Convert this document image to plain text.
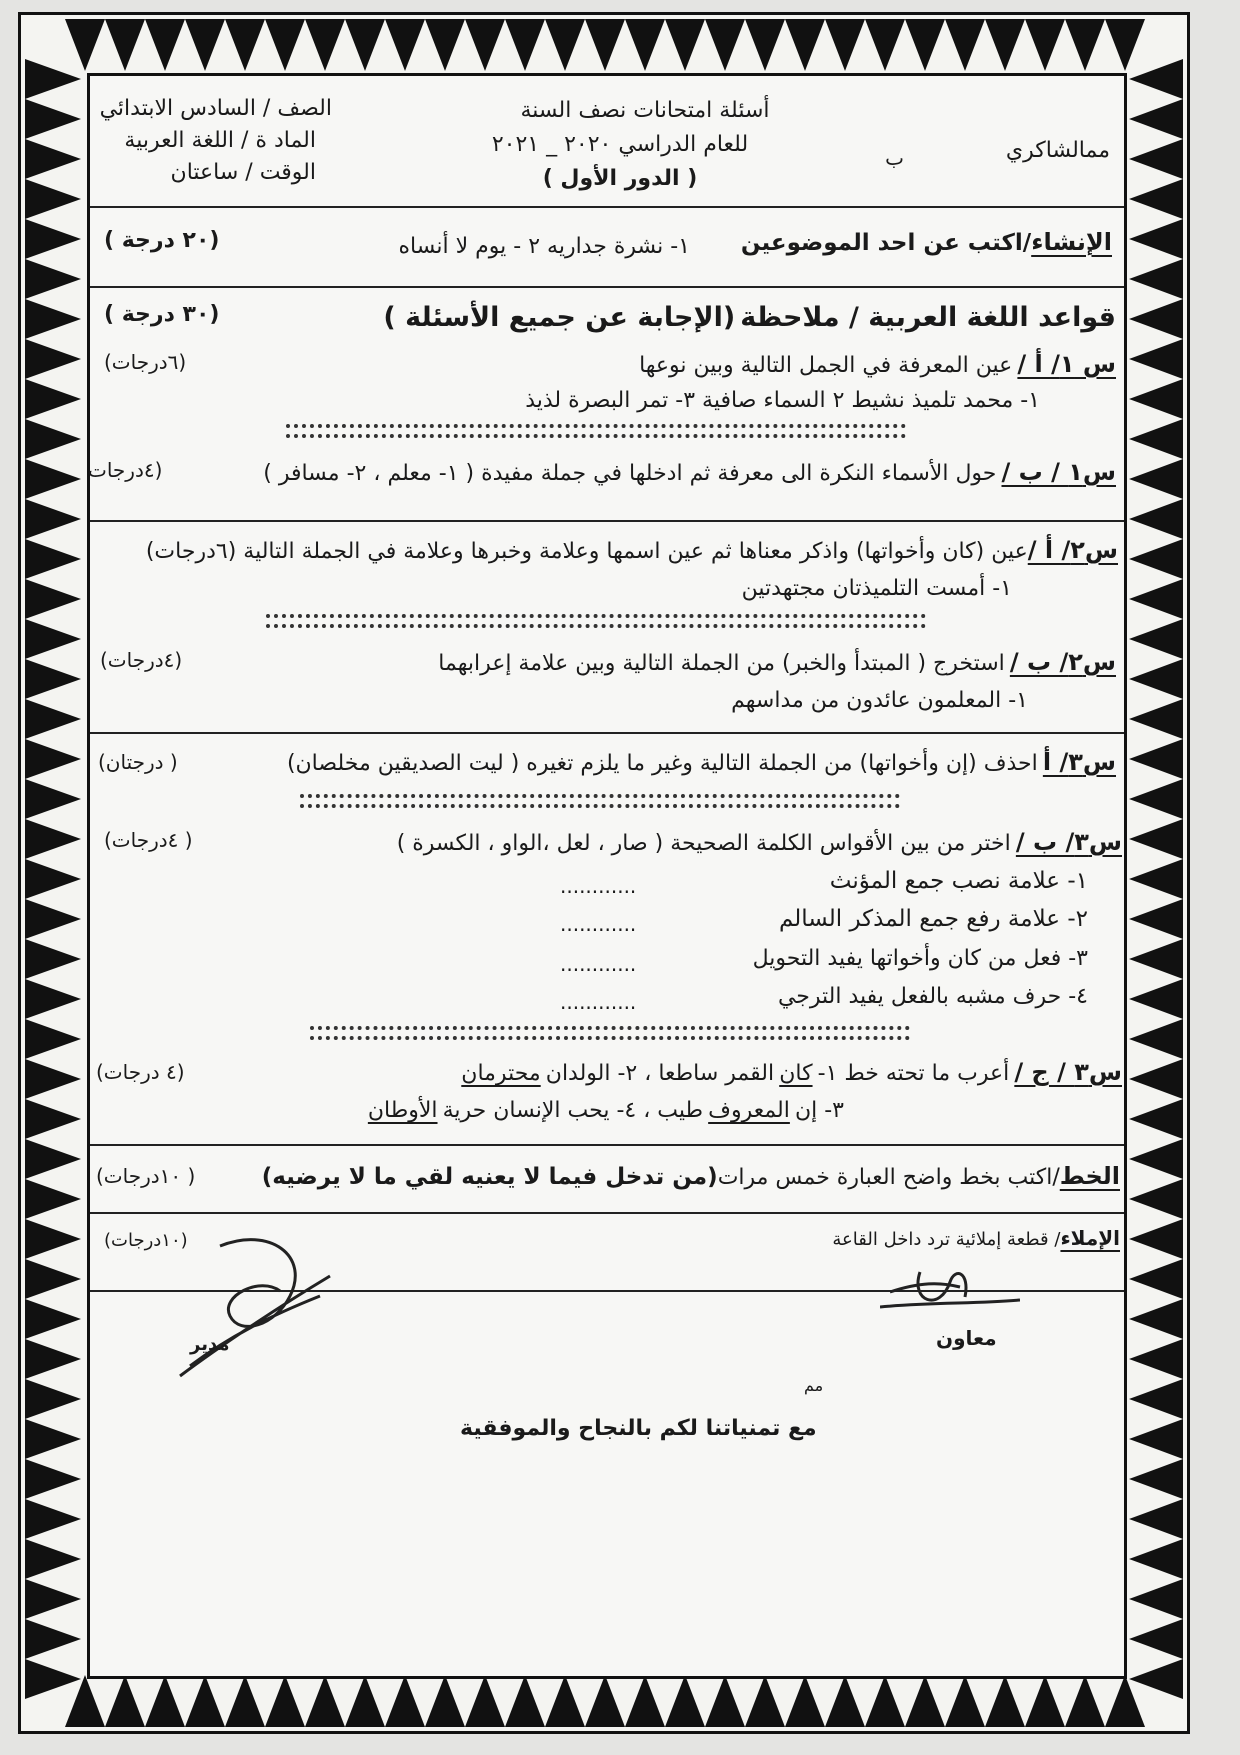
ممالشاكري
ب
أسئلة امتحانات نصف السنة
للعام الدراسي ٢٠٢٠ _ ٢٠٢١
( الدور الأول )
الصف / السادس الابتدائي
الماد ة / اللغة العربية
الوقت / ساعتان
الإنشاء/اكتب عن احد الموضوعين
١- نشرة جداريه ٢ - يوم لا أنساه
(٢٠ درجة )
قواعد اللغة العربية / ملاحظة (الإجابة عن جميع الأسئلة )
(٣٠ درجة )
س ١/ أ / عين المعرفة في الجمل التالية وبين نوعها
(٦درجات)
١- محمد تلميذ نشيط ٢ السماء صافية ٣- تمر البصرة لذيذ
س١ / ب / حول الأسماء النكرة الى معرفة ثم ادخلها في جملة مفيدة ( ١- معلم ، ٢- مسافر )
(٤درجات
س٢/ أ /عين (كان وأخواتها) واذكر معناها ثم عين اسمها وعلامة وخبرها وعلامة في الجملة التالية (٦درجات)
١- أمست التلميذتان مجتهدتين
س٢/ ب / استخرج ( المبتدأ والخبر) من الجملة التالية وبين علامة إعرابهما
(٤درجات)
١- المعلمون عائدون من مداسهم
س٣/ أ احذف (إن وأخواتها) من الجملة التالية وغير ما يلزم تغيره ( ليت الصديقين مخلصان)
( درجتان)
س٣/ ب / اختر من بين الأقواس الكلمة الصحيحة ( صار ، لعل ،الواو ، الكسرة )
( ٤درجات)
١- علامة نصب جمع المؤنث
............
٢- علامة رفع جمع المذكر السالم
............
٣- فعل من كان وأخواتها يفيد التحويل
............
٤- حرف مشبه بالفعل يفيد الترجي
............
س٣ / ج / أعرب ما تحته خط ١- كان القمر ساطعا ، ٢- الولدان محترمان
(٤ درجات)
٣- إن المعروف طيب ، ٤- يحب الإنسان حرية الأوطان
الخط/اكتب بخط واضح العبارة خمس مرات(من تدخل فيما لا يعنيه لقي ما لا يرضيه)
( ١٠درجات)
الإملاء/ قطعة إملائية ترد داخل القاعة
(١٠درجات)
مدير	معاون
مم
مع تمنياتنا لكم بالنجاح والموفقية
